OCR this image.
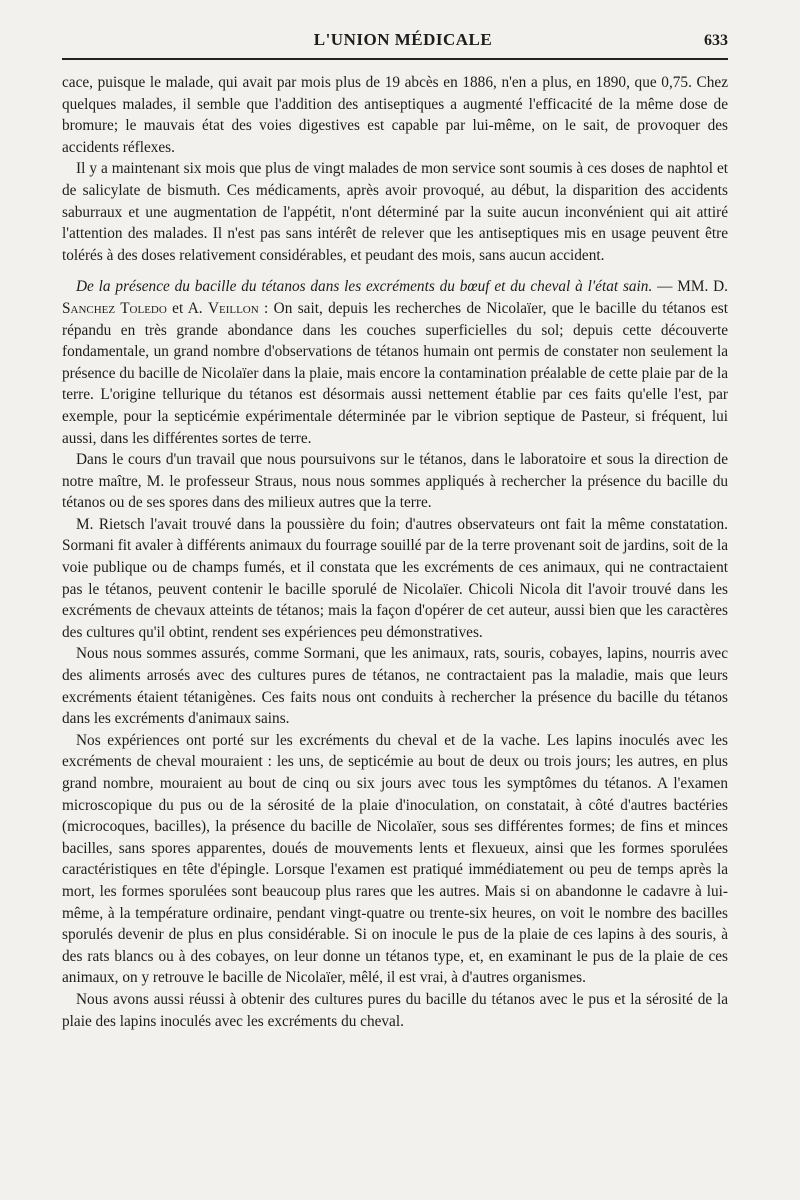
L'UNION MÉDICALE	633

cace, puisque le malade, qui avait par mois plus de 19 abcès en 1886, n'en a plus, en 1890, que 0,75. Chez quelques malades, il semble que l'addition des antiseptiques a augmenté l'efficacité de la même dose de bromure; le mauvais état des voies digestives est capable par lui-même, on le sait, de provoquer des accidents réflexes.

Il y a maintenant six mois que plus de vingt malades de mon service sont soumis à ces doses de naphtol et de salicylate de bismuth. Ces médicaments, après avoir provoqué, au début, la disparition des accidents saburraux et une augmentation de l'appétit, n'ont déterminé par la suite aucun inconvénient qui ait attiré l'attention des malades. Il n'est pas sans intérêt de relever que les antiseptiques mis en usage peuvent être tolérés à des doses relativement considérables, et peudant des mois, sans aucun accident.

De la présence du bacille du tétanos dans les excréments du bœuf et du cheval à l'état sain. — MM. D. Sanchez Toledo et A. Veillon : On sait, depuis les recherches de Nicolaïer, que le bacille du tétanos est répandu en très grande abondance dans les couches superficielles du sol; depuis cette découverte fondamentale, un grand nombre d'observations de tétanos humain ont permis de constater non seulement la présence du bacille de Nicolaïer dans la plaie, mais encore la contamination préalable de cette plaie par de la terre. L'origine tellurique du tétanos est désormais aussi nettement établie par ces faits qu'elle l'est, par exemple, pour la septicémie expérimentale déterminée par le vibrion septique de Pasteur, si fréquent, lui aussi, dans les différentes sortes de terre.

Dans le cours d'un travail que nous poursuivons sur le tétanos, dans le laboratoire et sous la direction de notre maître, M. le professeur Straus, nous nous sommes appliqués à rechercher la présence du bacille du tétanos ou de ses spores dans des milieux autres que la terre.

M. Rietsch l'avait trouvé dans la poussière du foin; d'autres observateurs ont fait la même constatation. Sormani fit avaler à différents animaux du fourrage souillé par de la terre provenant soit de jardins, soit de la voie publique ou de champs fumés, et il constata que les excréments de ces animaux, qui ne contractaient pas le tétanos, peuvent contenir le bacille sporulé de Nicolaïer. Chicoli Nicola dit l'avoir trouvé dans les excréments de chevaux atteints de tétanos; mais la façon d'opérer de cet auteur, aussi bien que les caractères des cultures qu'il obtint, rendent ses expériences peu démonstratives.

Nous nous sommes assurés, comme Sormani, que les animaux, rats, souris, cobayes, lapins, nourris avec des aliments arrosés avec des cultures pures de tétanos, ne contractaient pas la maladie, mais que leurs excréments étaient tétanigènes. Ces faits nous ont conduits à rechercher la présence du bacille du tétanos dans les excréments d'animaux sains.

Nos expériences ont porté sur les excréments du cheval et de la vache. Les lapins inoculés avec les excréments de cheval mouraient : les uns, de septicémie au bout de deux ou trois jours; les autres, en plus grand nombre, mouraient au bout de cinq ou six jours avec tous les symptômes du tétanos. A l'examen microscopique du pus ou de la sérosité de la plaie d'inoculation, on constatait, à côté d'autres bactéries (microcoques, bacilles), la présence du bacille de Nicolaïer, sous ses différentes formes; de fins et minces bacilles, sans spores apparentes, doués de mouvements lents et flexueux, ainsi que les formes sporulées caractéristiques en tête d'épingle. Lorsque l'examen est pratiqué immédiatement ou peu de temps après la mort, les formes sporulées sont beaucoup plus rares que les autres. Mais si on abandonne le cadavre à lui-même, à la température ordinaire, pendant vingt-quatre ou trente-six heures, on voit le nombre des bacilles sporulés devenir de plus en plus considérable. Si on inocule le pus de la plaie de ces lapins à des souris, à des rats blancs ou à des cobayes, on leur donne un tétanos type, et, en examinant le pus de la plaie de ces animaux, on y retrouve le bacille de Nicolaïer, mêlé, il est vrai, à d'autres organismes.

Nous avons aussi réussi à obtenir des cultures pures du bacille du tétanos avec le pus et la sérosité de la plaie des lapins inoculés avec les excréments du cheval.
